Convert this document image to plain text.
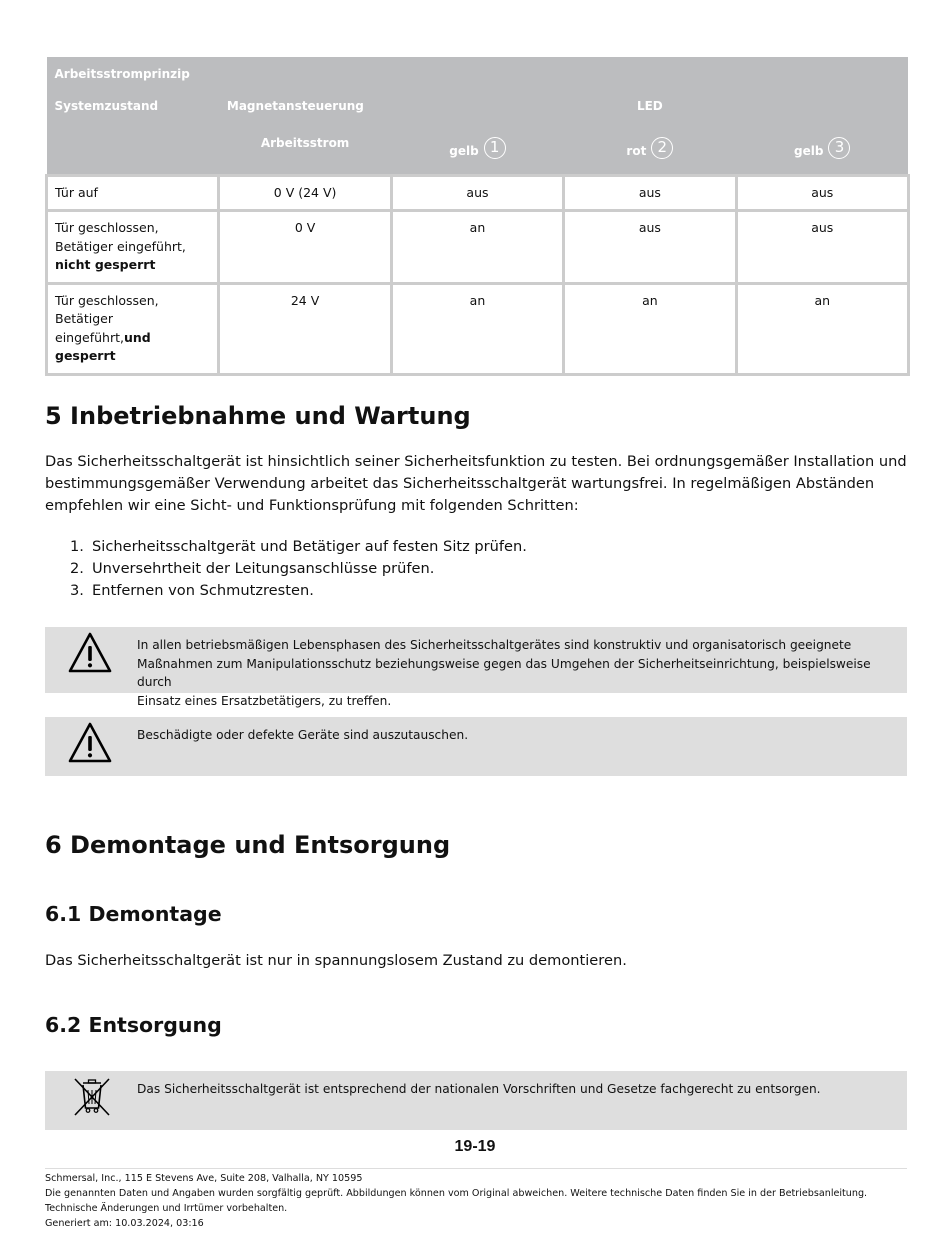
Arbeitsstromprinzip				
Systemzustand	Magnetansteuerung	LED		
	Arbeitsstrom	gelb 1	rot 2	gelb 3
Tür auf	0 V (24 V)	aus	aus	aus
Tür geschlossen,
Betätiger eingeführt,
nicht gesperrt	0 V	an	aus	aus
Tür geschlossen,
Betätiger eingeführt,und
gesperrt	24 V	an	an	an
5 Inbetriebnahme und Wartung
Das Sicherheitsschaltgerät ist hinsichtlich seiner Sicherheitsfunktion zu testen. Bei ordnungsgemäßer Installation und
bestimmungsgemäßer Verwendung arbeitet das Sicherheitsschaltgerät wartungsfrei. In regelmäßigen Abständen
empfehlen wir eine Sicht- und Funktionsprüfung mit folgenden Schritten:
1. Sicherheitsschaltgerät und Betätiger auf festen Sitz prüfen.
2. Unversehrtheit der Leitungsanschlüsse prüfen.
3. Entfernen von Schmutzresten.
In allen betriebsmäßigen Lebensphasen des Sicherheitsschaltgerätes sind konstruktiv und organisatorisch geeignete
Maßnahmen zum Manipulationsschutz beziehungsweise gegen das Umgehen der Sicherheitseinrichtung, beispielsweise durch
Einsatz eines Ersatzbetätigers, zu treffen.
Beschädigte oder defekte Geräte sind auszutauschen.
6 Demontage und Entsorgung
6.1 Demontage
Das Sicherheitsschaltgerät ist nur in spannungslosem Zustand zu demontieren.
6.2 Entsorgung
Das Sicherheitsschaltgerät ist entsprechend der nationalen Vorschriften und Gesetze fachgerecht zu entsorgen.
19-19
Schmersal, Inc., 115 E Stevens Ave, Suite 208, Valhalla, NY 10595
Die genannten Daten und Angaben wurden sorgfältig geprüft. Abbildungen können vom Original abweichen. Weitere technische Daten finden Sie in der Betriebsanleitung.
Technische Änderungen und Irrtümer vorbehalten.
Generiert am: 10.03.2024, 03:16
